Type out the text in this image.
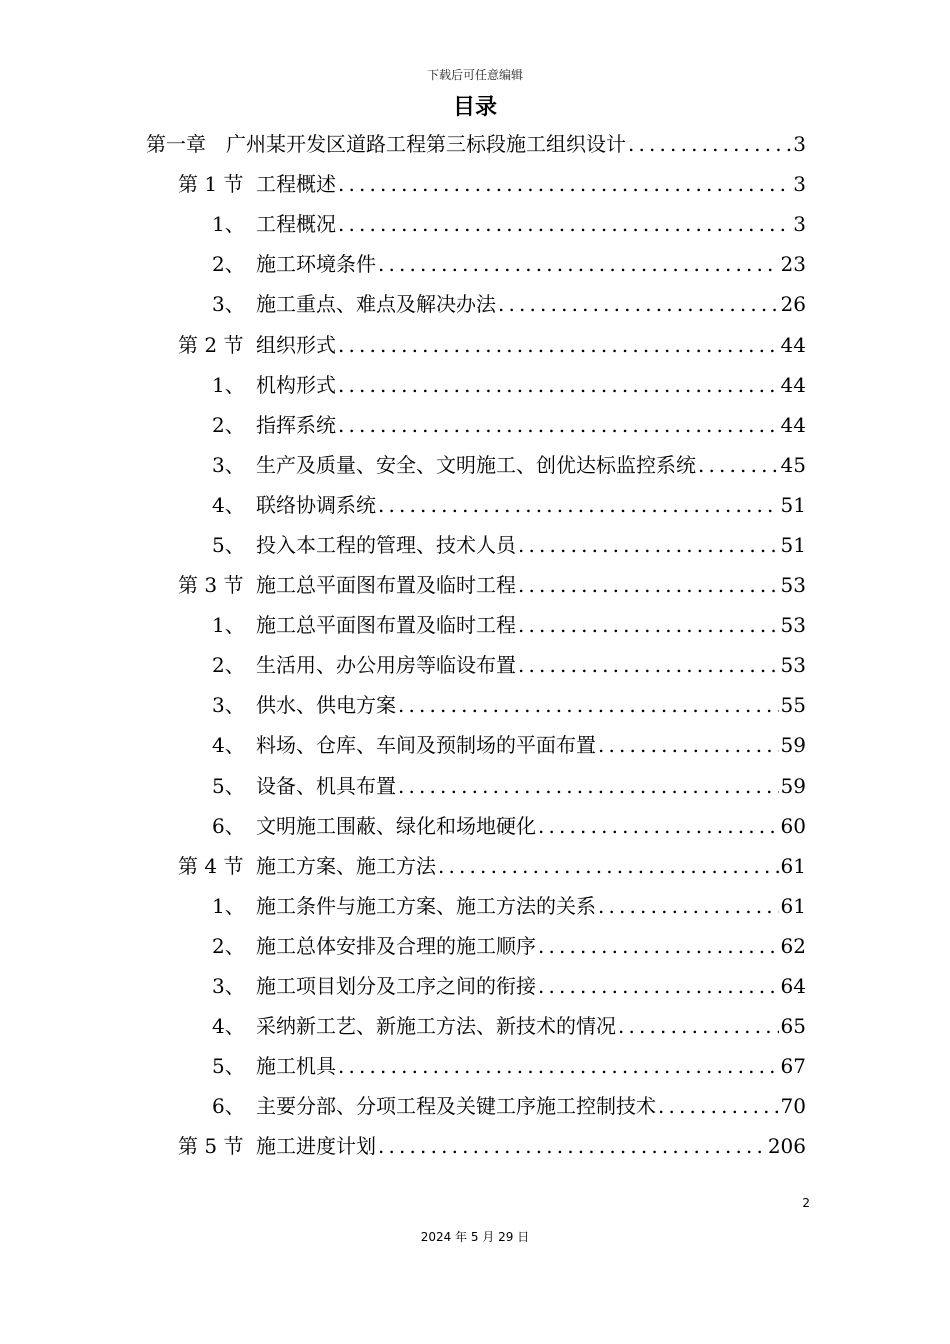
下载后可任意编辑
目录
第一章	广州某开发区道路工程第三标段施工组织设计 . . .	3
第 1 节 工程概述 . . .	3
1、 工程概况 . . .	3
2、 施工环境条件 . . .	23
3、 施工重点、难点及解决办法 . . .	26
第 2 节 组织形式 . . .	44
1、 机构形式 . . .	44
2、 指挥系统 . . .	44
3、 生产及质量、安全、文明施工、创优达标监控系统 . . .	45
4、 联络协调系统 . . .	51
5、 投入本工程的管理、技术人员 . . .	51
第 3 节 施工总平面图布置及临时工程 . . .	53
1、 施工总平面图布置及临时工程 . . .	53
2、 生活用、办公用房等临设布置 . . .	53
3、 供水、供电方案 . . .	55
4、 料场、仓库、车间及预制场的平面布置 . . .	59
5、 设备、机具布置 . . .	59
6、 文明施工围蔽、绿化和场地硬化 . . .	60
第 4 节 施工方案、施工方法 . . .	61
1、 施工条件与施工方案、施工方法的关系 . . .	61
2、 施工总体安排及合理的施工顺序 . . .	62
3、 施工项目划分及工序之间的衔接 . . .	64
4、 采纳新工艺、新施工方法、新技术的情况 . . .	65
5、 施工机具 . . .	67
6、 主要分部、分项工程及关键工序施工控制技术 . . .	70
第 5 节 施工进度计划 . . .	206
2
2024 年 5 月 29 日
